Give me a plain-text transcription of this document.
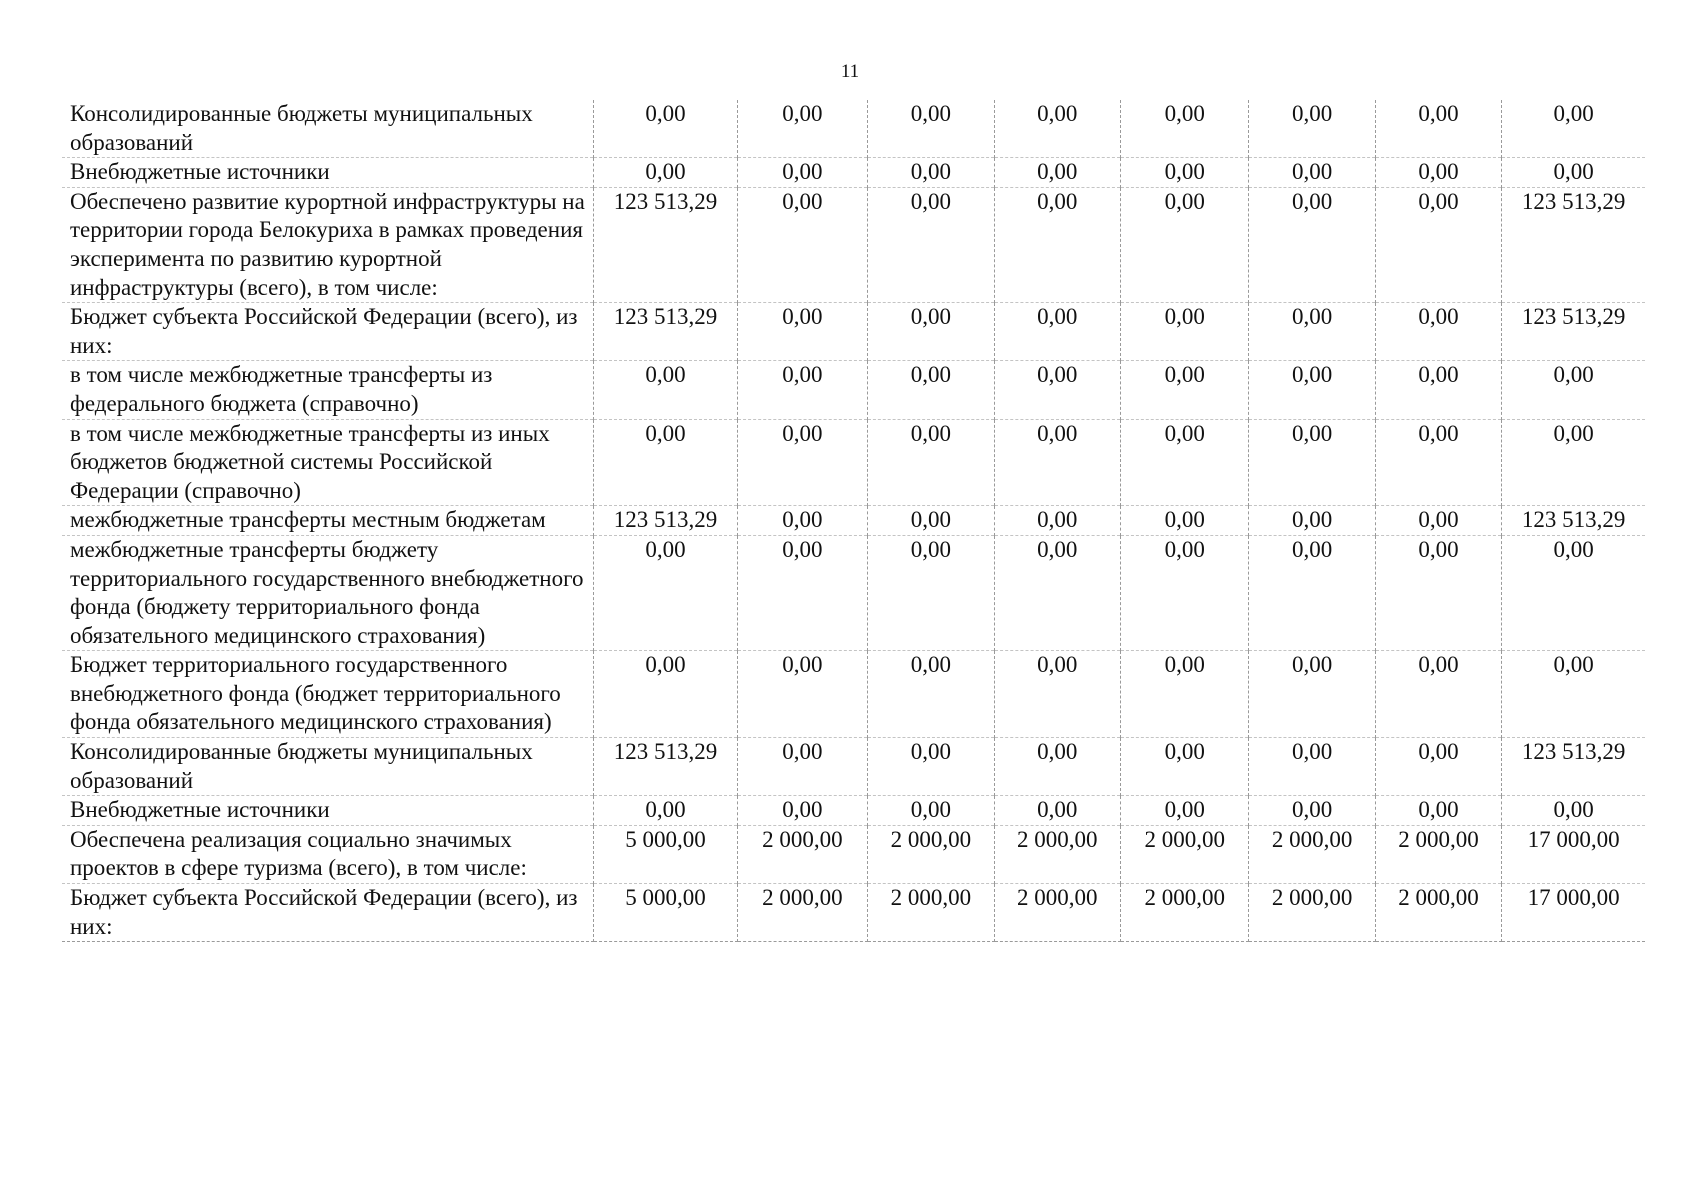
11
Консолидированные бюджеты муниципальных образований	0,00	0,00	0,00	0,00	0,00	0,00	0,00	0,00
Внебюджетные источники	0,00	0,00	0,00	0,00	0,00	0,00	0,00	0,00
Обеспечено развитие курортной инфраструктуры на территории города Белокуриха в рамках проведения эксперимента по развитию курортной инфраструктуры (всего), в том числе:	123 513,29	0,00	0,00	0,00	0,00	0,00	0,00	123 513,29
Бюджет субъекта Российской Федерации (всего), из них:	123 513,29	0,00	0,00	0,00	0,00	0,00	0,00	123 513,29
в том числе межбюджетные трансферты из федерального бюджета (справочно)	0,00	0,00	0,00	0,00	0,00	0,00	0,00	0,00
в том числе межбюджетные трансферты из иных бюджетов бюджетной системы Российской Федерации (справочно)	0,00	0,00	0,00	0,00	0,00	0,00	0,00	0,00
межбюджетные трансферты местным бюджетам	123 513,29	0,00	0,00	0,00	0,00	0,00	0,00	123 513,29
межбюджетные трансферты бюджету территориального государственного внебюджетного фонда (бюджету территориального фонда обязательного медицинского страхования)	0,00	0,00	0,00	0,00	0,00	0,00	0,00	0,00
Бюджет территориального государственного внебюджетного фонда (бюджет территориального фонда обязательного медицинского страхования)	0,00	0,00	0,00	0,00	0,00	0,00	0,00	0,00
Консолидированные бюджеты муниципальных образований	123 513,29	0,00	0,00	0,00	0,00	0,00	0,00	123 513,29
Внебюджетные источники	0,00	0,00	0,00	0,00	0,00	0,00	0,00	0,00
Обеспечена реализация социально значимых проектов в сфере туризма (всего), в том числе:	5 000,00	2 000,00	2 000,00	2 000,00	2 000,00	2 000,00	2 000,00	17 000,00
Бюджет субъекта Российской Федерации (всего), из них:	5 000,00	2 000,00	2 000,00	2 000,00	2 000,00	2 000,00	2 000,00	17 000,00
